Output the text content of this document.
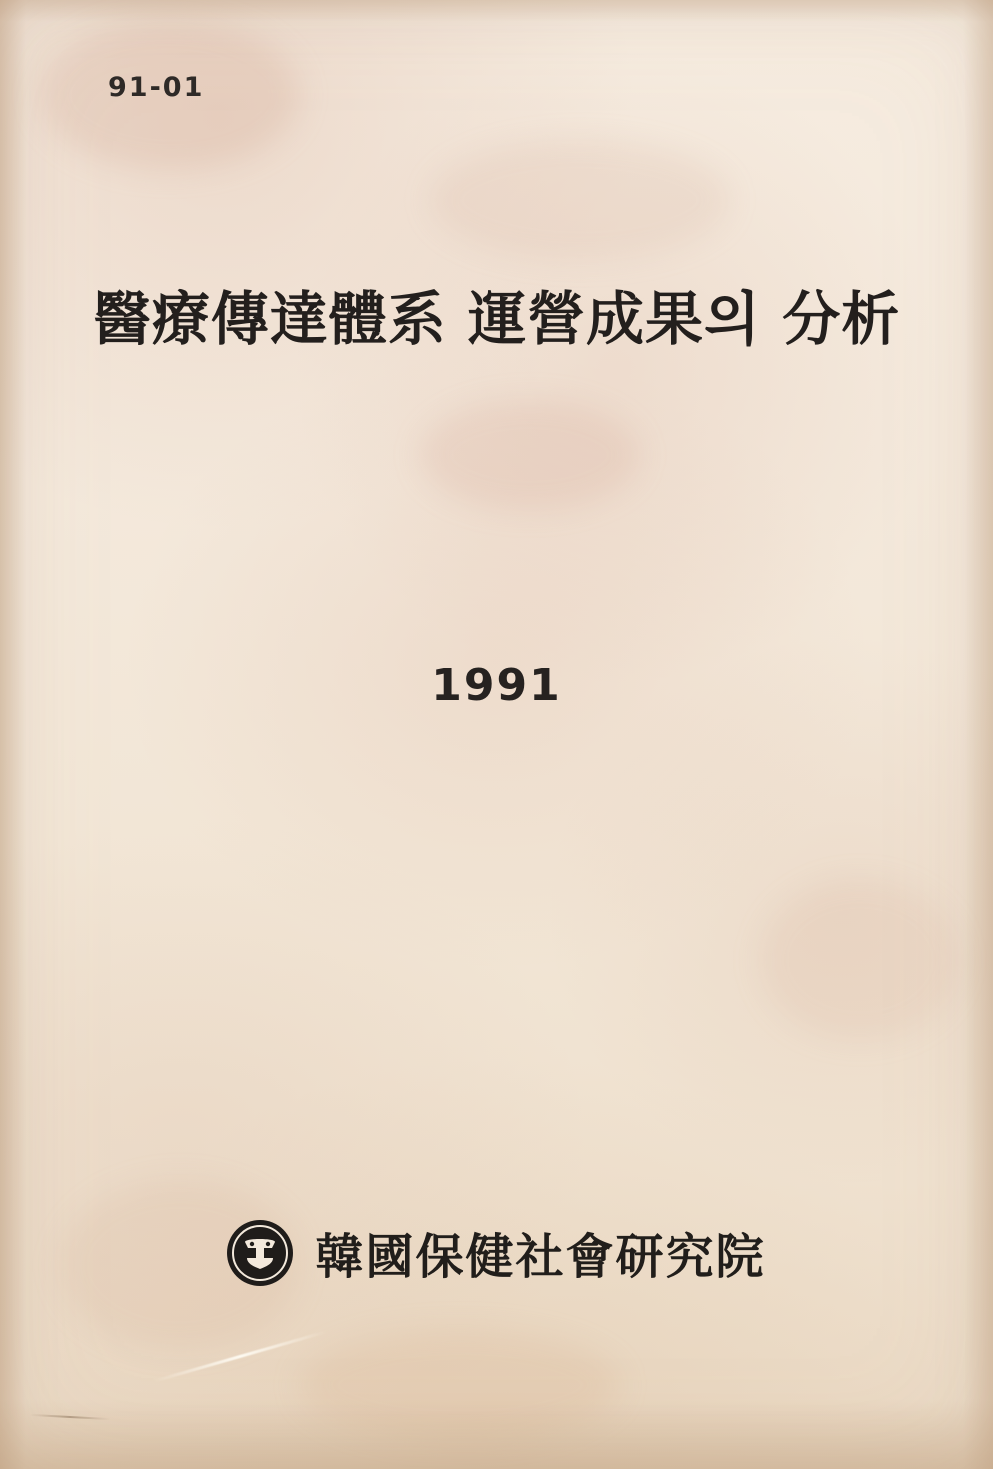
91-01
醫療傳達體系 運營成果의 分析
1991
韓國保健社會研究院
